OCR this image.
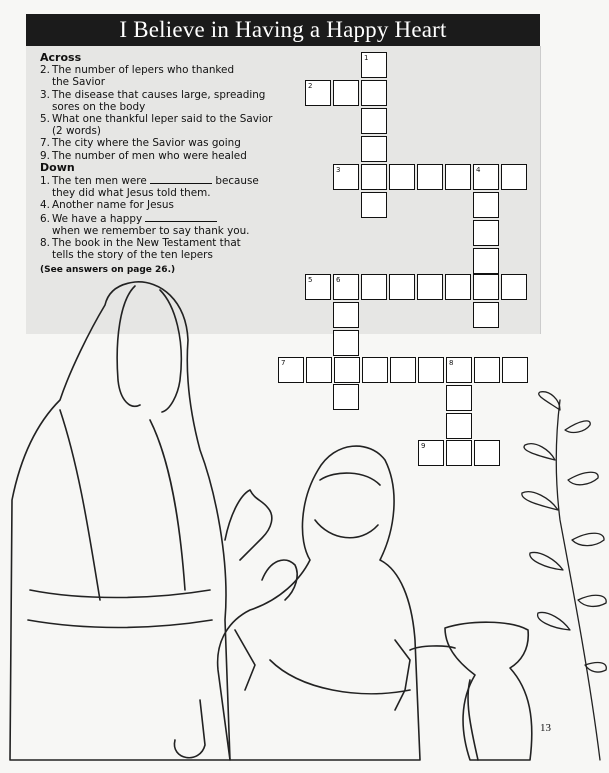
I Believe in Having a Happy Heart
Across
2. The number of lepers who thanked
the Savior
3. The disease that causes large, spreading
sores on the body
5. What one thankful leper said to the Savior
(2 words)
7. The city where the Savior was going
9. The number of men who were healed
Down
1. The ten men were	because
they did what Jesus told them.
4. Another name for Jesus
6. We have a happy
when we remember to say thank you.
8. The book in the New Testament that
tells the story of the ten lepers
(See answers on page 26.)
1
2
3	4
5	6
7	8
9
13
